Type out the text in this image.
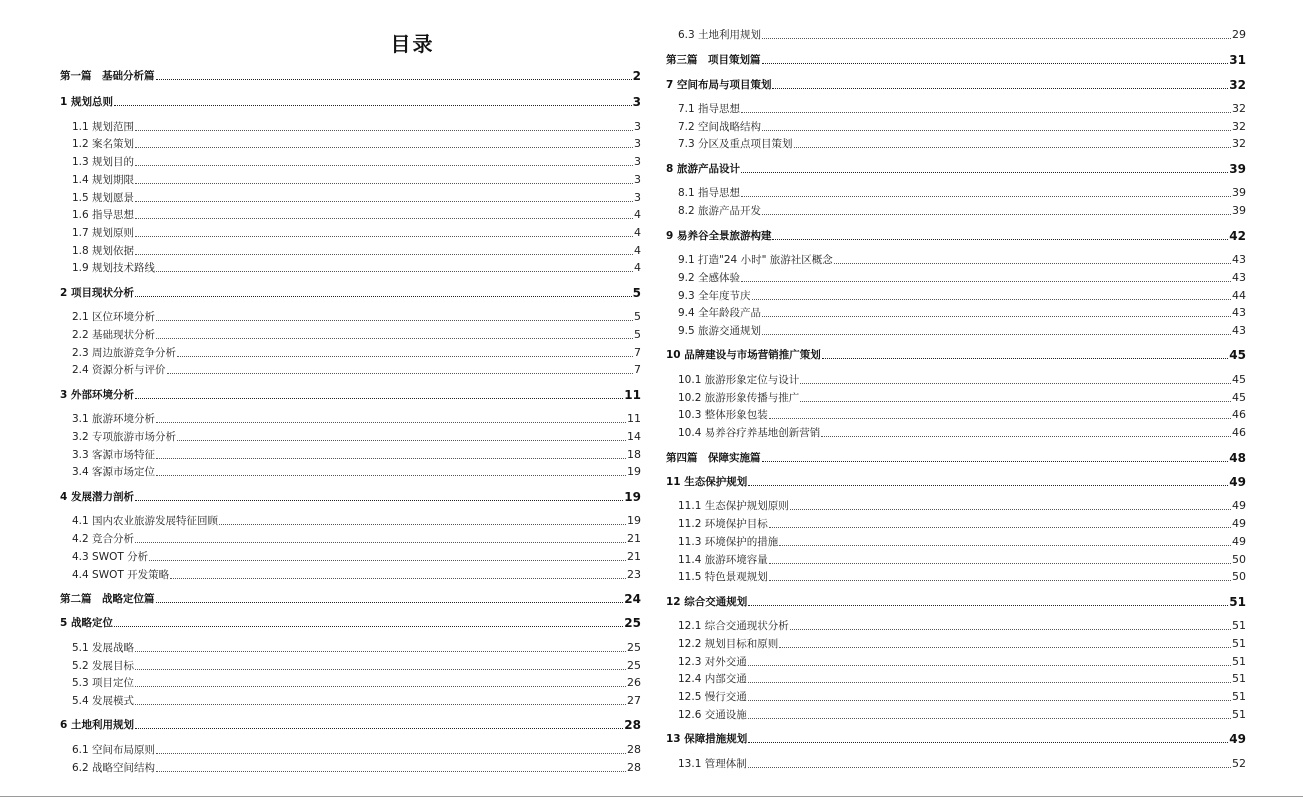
目录
第一篇　基础分析篇	2
1 规划总则	3
1.1 规划范围	3
1.2 案名策划	3
1.3 规划目的	3
1.4 规划期限	3
1.5 规划愿景	3
1.6 指导思想	4
1.7 规划原则	4
1.8 规划依据	4
1.9 规划技术路线	4
2 项目现状分析	5
2.1 区位环境分析	5
2.2 基础现状分析	5
2.3 周边旅游竞争分析	7
2.4 资源分析与评价	7
3 外部环境分析	11
3.1 旅游环境分析	11
3.2 专项旅游市场分析	14
3.3 客源市场特征	18
3.4 客源市场定位	19
4 发展潜力剖析	19
4.1 国内农业旅游发展特征回顾	19
4.2 竞合分析	21
4.3 SWOT 分析	21
4.4 SWOT 开发策略	23
第二篇　战略定位篇	24
5 战略定位	25
5.1 发展战略	25
5.2 发展目标	25
5.3 项目定位	26
5.4 发展模式	27
6 土地利用规划	28
6.1 空间布局原则	28
6.2 战略空间结构	28
6.3 土地利用规划	29
第三篇　项目策划篇	31
7 空间布局与项目策划	32
7.1 指导思想	32
7.2 空间战略结构	32
7.3 分区及重点项目策划	32
8 旅游产品设计	39
8.1 指导思想	39
8.2 旅游产品开发	39
9 易养谷全景旅游构建	42
9.1 打造"24 小时" 旅游社区概念	43
9.2 全感体验	43
9.3 全年度节庆	44
9.4 全年龄段产品	43
9.5 旅游交通规划	43
10 品牌建设与市场营销推广策划	45
10.1 旅游形象定位与设计	45
10.2 旅游形象传播与推广	45
10.3 整体形象包装	46
10.4 易养谷疗养基地创新营销	46
第四篇　保障实施篇	48
11 生态保护规划	49
11.1 生态保护规划原则	49
11.2 环境保护目标	49
11.3 环境保护的措施	49
11.4 旅游环境容量	50
11.5 特色景观规划	50
12 综合交通规划	51
12.1 综合交通现状分析	51
12.2 规划目标和原则	51
12.3 对外交通	51
12.4 内部交通	51
12.5 慢行交通	51
12.6 交通设施	51
13 保障措施规划	49
13.1 管理体制	52
